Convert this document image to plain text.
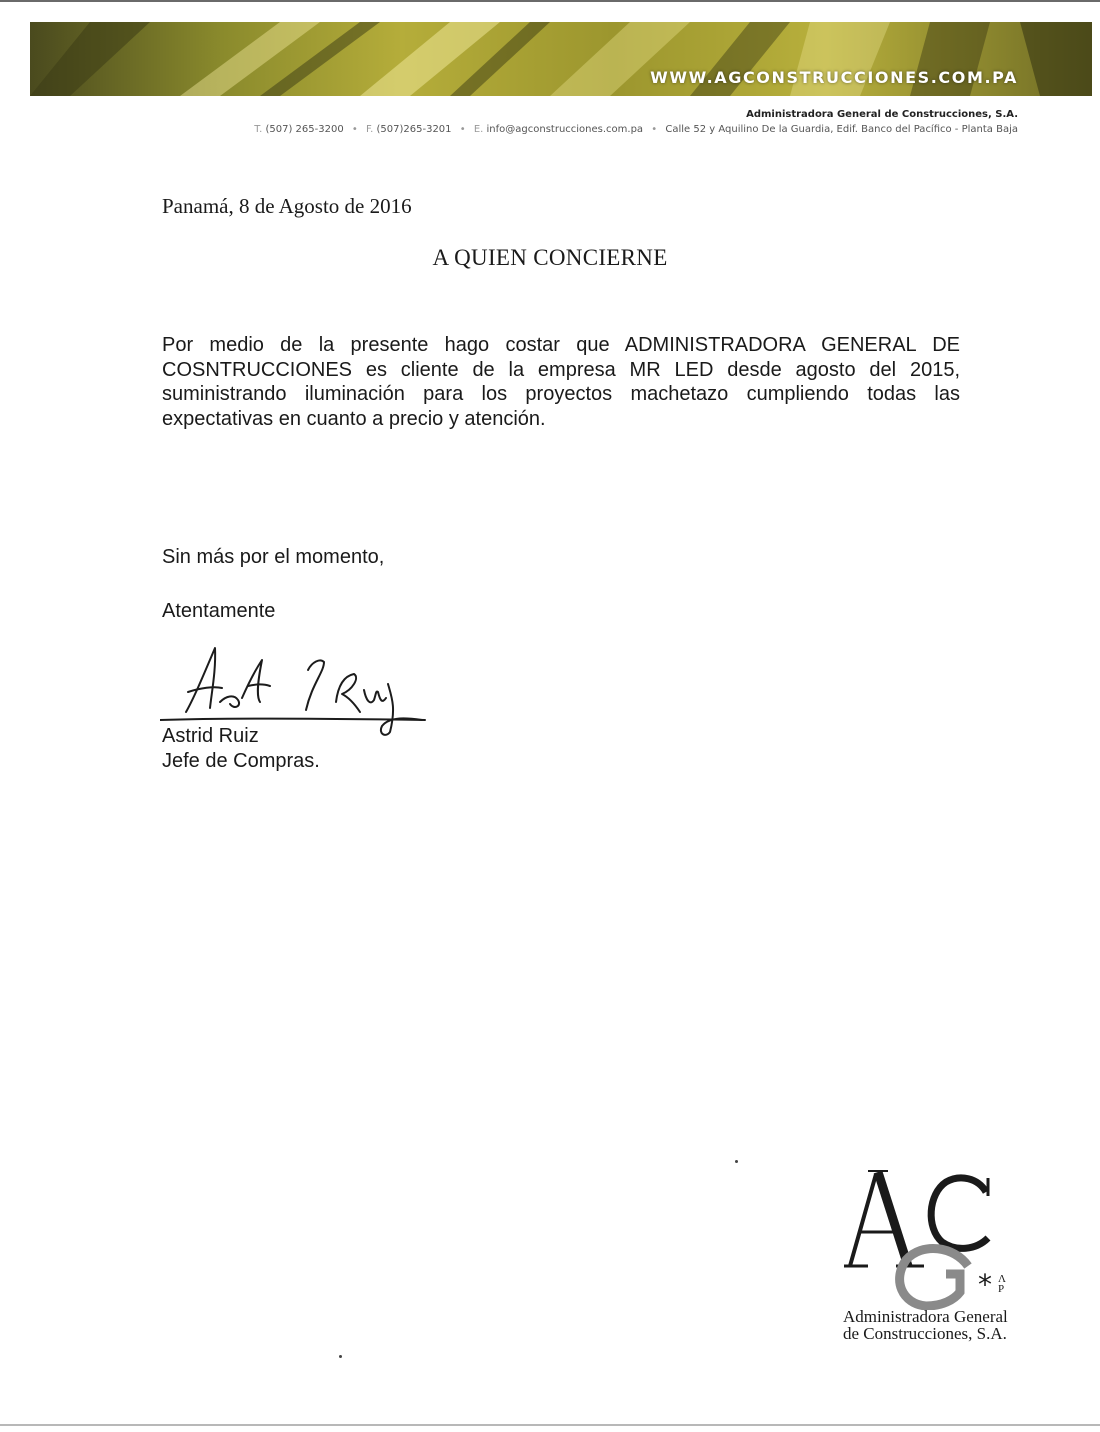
WWW.AGCONSTRUCCIONES.COM.PA
Administradora General de Construcciones, S.A.
T. (507) 265-3200 • F. (507)265-3201 • E. info@agconstrucciones.com.pa • Calle 52 y Aquilino De la Guardia, Edif. Banco del Pacífico - Planta Baja
Panamá, 8 de Agosto de 2016
A QUIEN CONCIERNE
Por medio de la presente hago costar que ADMINISTRADORA GENERAL DE COSNTRUCCIONES es cliente de la empresa MR LED desde agosto del 2015, suministrando iluminación para los proyectos machetazo cumpliendo todas las expectativas en cuanto a precio y atención.
Sin más por el momento,
Atentamente
Astrid Ruiz
Jefe de Compras.
* Λ
P
Administradora General
de Construcciones, S.A.
